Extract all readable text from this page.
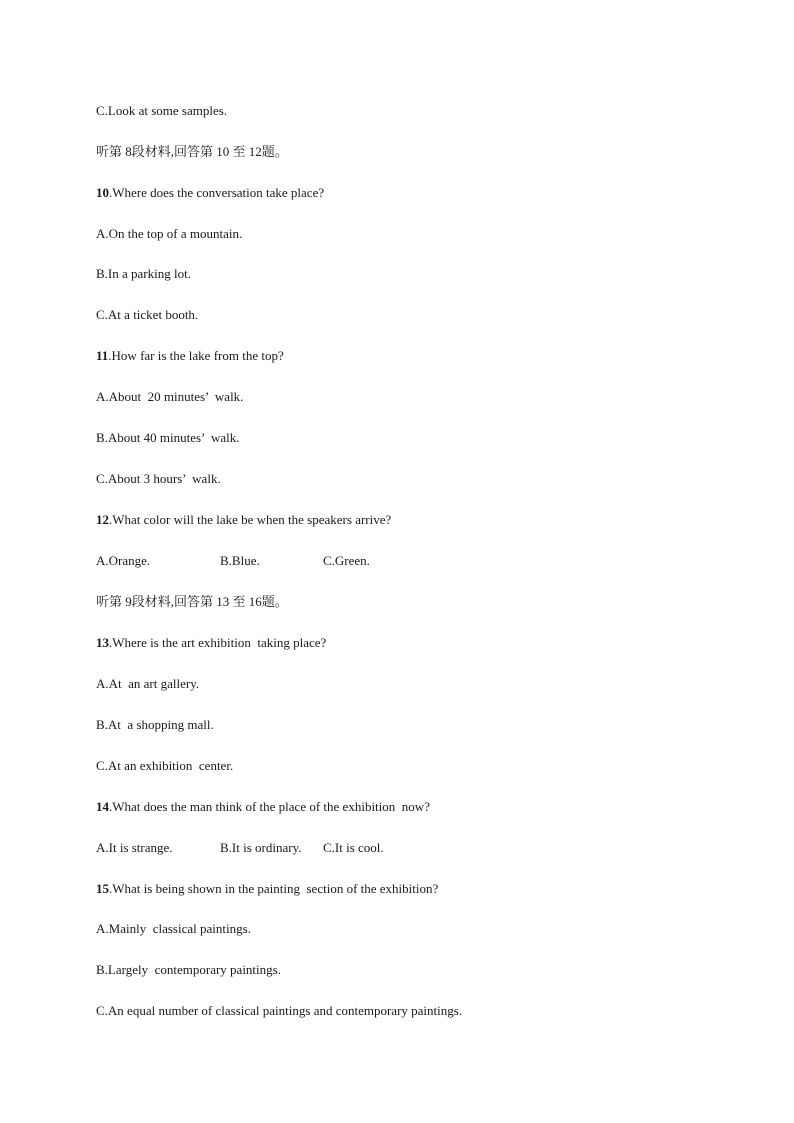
C.Look at some samples.
听第 8段材料,回答第 10 至 12题。
10.Where does the conversation take place?
A.On the top of a mountain.
B.In a parking lot.
C.At a ticket booth.
11.How far is the lake from the top?
A.About  20 minutes’  walk.
B.About 40 minutes’  walk.
C.About 3 hours’  walk.
12.What color will the lake be when the speakers arrive?

A.Orange.

	B.Blue.

	C.Green.

听第 9段材料,回答第 13 至 16题。
13.Where is the art exhibition  taking place?
A.At  an art gallery.
B.At  a shopping mall.
C.At an exhibition  center.
14.What does the man think of the place of the exhibition  now?

A.It is strange.

	B.It is ordinary.

C.It is cool.

15.What is being shown in the painting  section of the exhibition?
A.Mainly  classical paintings.
B.Largely  contemporary paintings.
C.An equal number of classical paintings and contemporary paintings.
